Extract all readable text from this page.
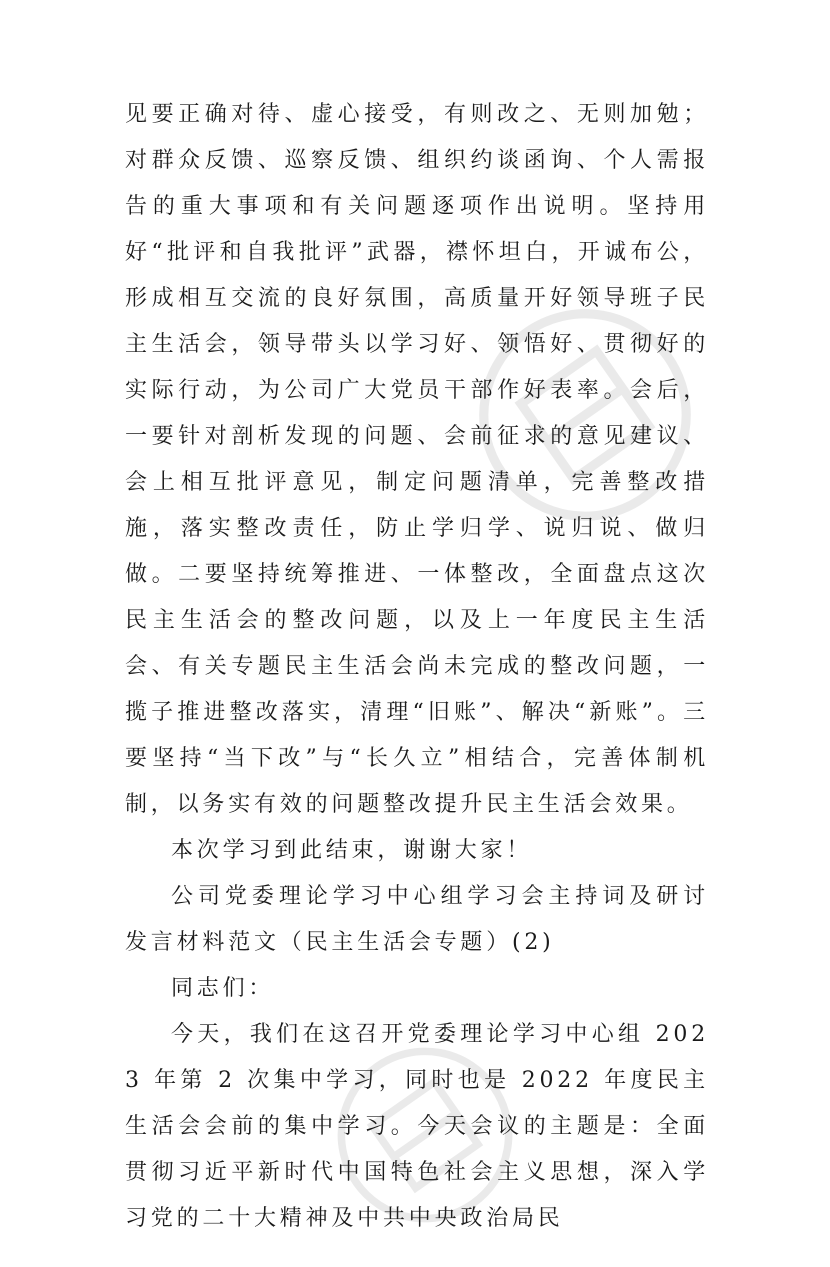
见要正确对待、虚心接受，有则改之、无则加勉；对群众反馈、巡察反馈、组织约谈函询、个人需报告的重大事项和有关问题逐项作出说明。坚持用好“批评和自我批评”武器，襟怀坦白，开诚布公，形成相互交流的良好氛围，高质量开好领导班子民主生活会，领导带头以学习好、领悟好、贯彻好的实际行动，为公司广大党员干部作好表率。会后，一要针对剖析发现的问题、会前征求的意见建议、会上相互批评意见，制定问题清单，完善整改措施，落实整改责任，防止学归学、说归说、做归做。二要坚持统筹推进、一体整改，全面盘点这次民主生活会的整改问题，以及上一年度民主生活会、有关专题民主生活会尚未完成的整改问题，一揽子推进整改落实，清理“旧账”、解决“新账”。三要坚持“当下改”与“长久立”相结合，完善体制机制，以务实有效的问题整改提升民主生活会效果。

本次学习到此结束，谢谢大家！

公司党委理论学习中心组学习会主持词及研讨发言材料范文（民主生活会专题）(2)

同志们：

今天，我们在这召开党委理论学习中心组 2023 年第 2 次集中学习，同时也是 2022 年度民主生活会会前的集中学习。今天会议的主题是：全面贯彻习近平新时代中国特色社会主义思想，深入学习党的二十大精神及中共中央政治局民
